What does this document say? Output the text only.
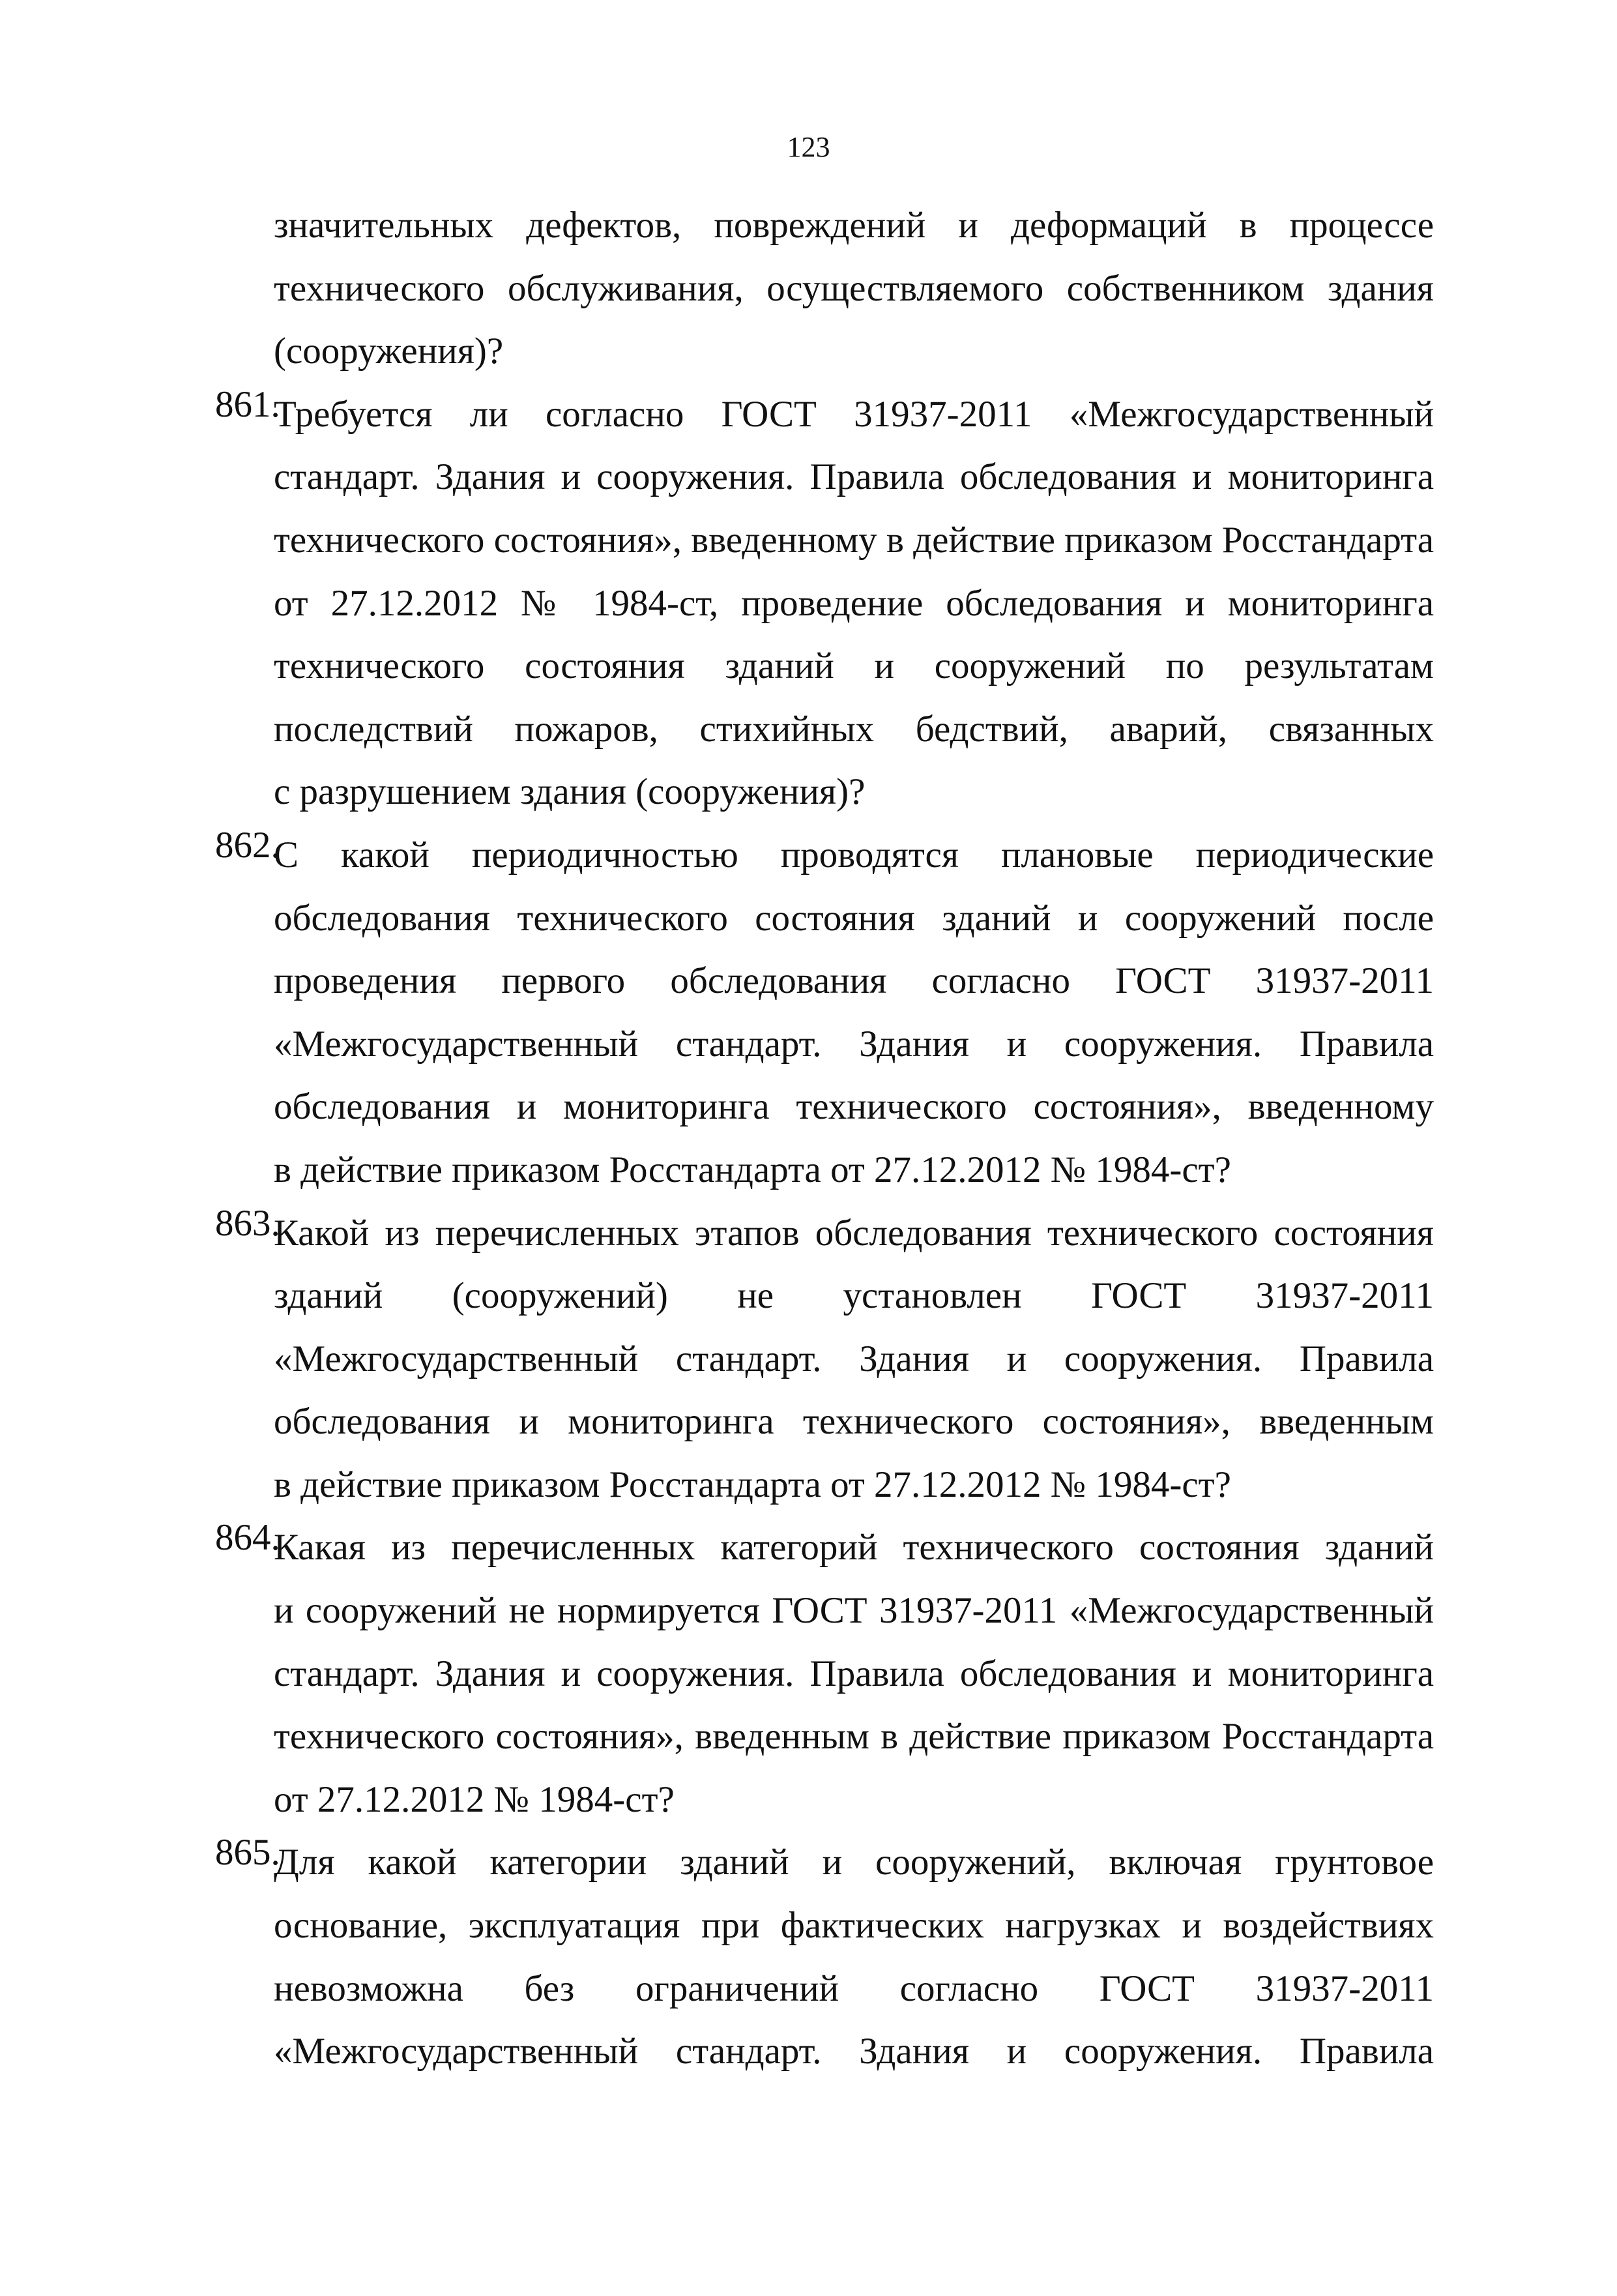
123
значительных дефектов, повреждений и деформаций в процессе
технического обслуживания, осуществляемого собственником здания
(сооружения)?
861.
Требуется ли согласно ГОСТ 31937-2011 «Межгосударственный
стандарт. Здания и сооружения. Правила обследования и мониторинга
технического состояния», введенному в действие приказом Росстандарта
от 27.12.2012 № 1984-ст, проведение обследования и мониторинга
технического состояния зданий и сооружений по результатам
последствий пожаров, стихийных бедствий, аварий, связанных
с разрушением здания (сооружения)?
862.
С какой периодичностью проводятся плановые периодические
обследования технического состояния зданий и сооружений после
проведения первого обследования согласно ГОСТ 31937-2011
«Межгосударственный стандарт. Здания и сооружения. Правила
обследования и мониторинга технического состояния», введенному
в действие приказом Росстандарта от 27.12.2012 № 1984-ст?
863.
Какой из перечисленных этапов обследования технического состояния
зданий (сооружений) не установлен ГОСТ 31937-2011
«Межгосударственный стандарт. Здания и сооружения. Правила
обследования и мониторинга технического состояния», введенным
в действие приказом Росстандарта от 27.12.2012 № 1984-ст?
864.
Какая из перечисленных категорий технического состояния зданий
и сооружений не нормируется ГОСТ 31937-2011 «Межгосударственный
стандарт. Здания и сооружения. Правила обследования и мониторинга
технического состояния», введенным в действие приказом Росстандарта
от 27.12.2012 № 1984-ст?
865.
Для какой категории зданий и сооружений, включая грунтовое
основание, эксплуатация при фактических нагрузках и воздействиях
невозможна без ограничений согласно ГОСТ 31937-2011
«Межгосударственный стандарт. Здания и сооружения. Правила
